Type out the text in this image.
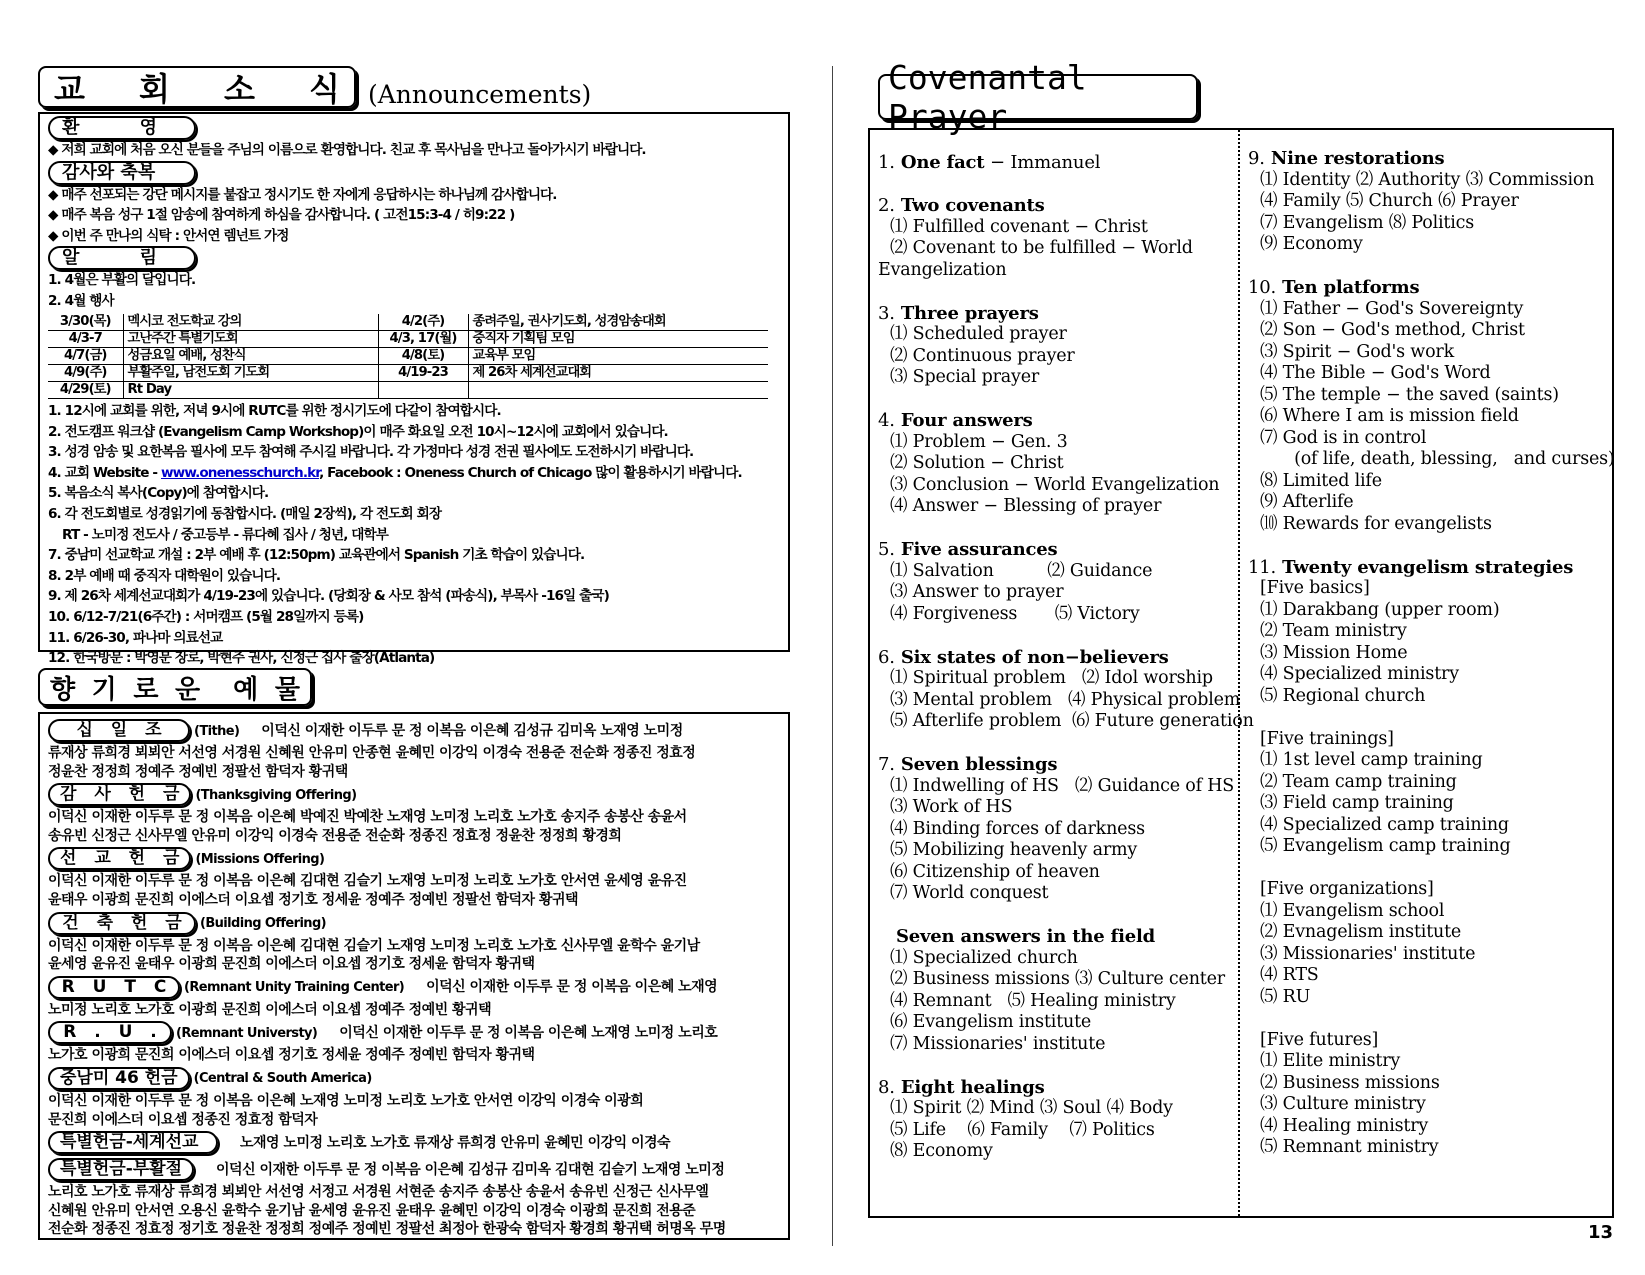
교 회 소 식 (Announcements)
환 영
◆ 저희 교회에 처음 오신 분들을 주님의 이름으로 환영합니다. 친교 후 목사님을 만나고 돌아가시기 바랍니다.
감사와 축복
◆ 매주 선포되는 강단 메시지를 붙잡고 정시기도 한 자에게 응답하시는 하나님께 감사합니다.
◆ 매주 복음 성구 1절 암송에 참여하게 하심을 감사합니다. ( 고전15:3-4 / 히9:22 )
◆ 이번 주 만나의 식탁 : 안서연 렘넌트 가정
알 림
1. 4월은 부활의 달입니다.
2. 4월 행사
3/30(목)	멕시코 전도학교 강의	4/2(주)	종려주일, 권사기도회, 성경암송대회
4/3-7	고난주간 특별기도회	4/3, 17(월)	중직자 기획팀 모임
4/7(금)	성금요일 예배, 성찬식	4/8(토)	교육부 모임
4/9(주)	부활주일, 남전도회 기도회	4/19-23	제 26차 세계선교대회
4/29(토)	Rt Day		
1. 12시에 교회를 위한, 저녁 9시에 RUTC를 위한 정시기도에 다같이 참여합시다.
2. 전도캠프 워크샵 (Evangelism Camp Workshop)이 매주 화요일 오전 10시~12시에 교회에서 있습니다.
3. 성경 암송 및 요한복음 필사에 모두 참여해 주시길 바랍니다. 각 가정마다 성경 전권 필사에도 도전하시기 바랍니다.
4. 교회 Website - www.onenesschurch.kr, Facebook : Oneness Church of Chicago 많이 활용하시기 바랍니다.
5. 복음소식 복사(Copy)에 참여합시다.
6. 각 전도회별로 성경읽기에 동참합시다. (매일 2장씩), 각 전도회 회장
RT - 노미정 전도사 / 중고등부 - 류다혜 집사 / 청년, 대학부
7. 중남미 선교학교 개설 : 2부 예배 후 (12:50pm) 교육관에서 Spanish 기초 학습이 있습니다.
8. 2부 예배 때 중직자 대학원이 있습니다.
9. 제 26차 세계선교대회가 4/19-23에 있습니다. (당회장 & 사모 참석 (파송식), 부목사 -16일 출국)
10. 6/12-7/21(6주간) : 서머캠프 (5월 28일까지 등록)
11. 6/26-30, 파나마 의료선교
12. 한국방문 : 박영문 장로, 박현주 권사, 신정근 집사 출장(Atlanta)
향 기 로 운 예 물
십 일 조 (Tithe) 이덕신 이재한 이두루 문 정 이복음 이은혜 김성규 김미옥 노재영 노미정
류재상 류희경 뵈뵈안 서선영 서경원 신혜원 안유미 안종현 윤혜민 이강익 이경숙 전용준 전순화 정종진 정효정
정윤찬 정정희 정예주 정예빈 정팔선 함덕자 황귀택
감 사 헌 금 (Thanksgiving Offering)
이덕신 이재한 이두루 문 정 이복음 이은혜 박예진 박예찬 노재영 노미정 노리호 노가호 송지주 송봉산 송윤서
송유빈 신정근 신사무엘 안유미 이강익 이경숙 전용준 전순화 정종진 정효정 정윤찬 정정희 황경희
선 교 헌 금 (Missions Offering)
이덕신 이재한 이두루 문 정 이복음 이은혜 김대현 김슬기 노재영 노미정 노리호 노가호 안서연 윤세영 윤유진
윤태우 이광희 문진희 이에스더 이요셉 정기호 정세윤 정예주 정예빈 정팔선 함덕자 황귀택
건 축 헌 금 (Building Offering)
이덕신 이재한 이두루 문 정 이복음 이은혜 김대현 김슬기 노재영 노미정 노리호 노가호 신사무엘 윤학수 윤기남
윤세영 윤유진 윤태우 이광희 문진희 이에스더 이요셉 정기호 정세윤 함덕자 황귀택
R U T C (Remnant Unity Training Center) 이덕신 이재한 이두루 문 정 이복음 이은혜 노재영
노미정 노리호 노가호 이광희 문진희 이에스더 이요셉 정예주 정예빈 황귀택
R . U . (Remnant Universty) 이덕신 이재한 이두루 문 정 이복음 이은혜 노재영 노미정 노리호
노가호 이광희 문진희 이에스더 이요셉 정기호 정세윤 정예주 정예빈 함덕자 황귀택
중남미 46 헌금 (Central & South America)
이덕신 이재한 이두루 문 정 이복음 이은혜 노재영 노미정 노리호 노가호 안서연 이강익 이경숙 이광희
문진희 이에스더 이요셉 정종진 정효정 함덕자
특별헌금-세계선교	노재영 노미정 노리호 노가호 류재상 류희경 안유미 윤혜민 이강익 이경숙
특별헌금-부활절 이덕신 이재한 이두루 문 정 이복음 이은혜 김성규 김미옥 김대현 김슬기 노재영 노미정
노리호 노가호 류재상 류희경 뵈뵈안 서선영 서정고 서경원 서현준 송지주 송봉산 송윤서 송유빈 신정근 신사무엘
신혜원 안유미 안서연 오용신 윤학수 윤기남 윤세영 윤유진 윤태우 윤혜민 이강익 이경숙 이광희 문진희 전용준
전순화 정종진 정효정 정기호 정윤찬 정정희 정예주 정예빈 정팔선 최정아 한광숙 함덕자 황경희 황귀택 허명옥 무명
Covenantal Prayer
1. One fact − Immanuel
2. Two covenants
⑴ Fulfilled covenant − Christ
⑵ Covenant to be fulfilled − World
Evangelization
3. Three prayers
⑴ Scheduled prayer
⑵ Continuous prayer
⑶ Special prayer
4. Four answers
⑴ Problem − Gen. 3
⑵ Solution − Christ
⑶ Conclusion − World Evangelization
⑷ Answer − Blessing of prayer
5. Five assurances
⑴ Salvation          ⑵ Guidance
⑶ Answer to prayer
⑷ Forgiveness       ⑸ Victory
6. Six states of non−believers
⑴ Spiritual problem   ⑵ Idol worship
⑶ Mental problem   ⑷ Physical problem
⑸ Afterlife problem  ⑹ Future generation
7. Seven blessings
⑴ Indwelling of HS   ⑵ Guidance of HS
⑶ Work of HS
⑷ Binding forces of darkness
⑸ Mobilizing heavenly army
⑹ Citizenship of heaven
⑺ World conquest
Seven answers in the field
⑴ Specialized church
⑵ Business missions ⑶ Culture center
⑷ Remnant   ⑸ Healing ministry
⑹ Evangelism institute
⑺ Missionaries' institute
8. Eight healings
⑴ Spirit ⑵ Mind ⑶ Soul ⑷ Body
⑸ Life    ⑹ Family    ⑺ Politics
⑻ Economy
9. Nine restorations
⑴ Identity ⑵ Authority ⑶ Commission
⑷ Family ⑸ Church ⑹ Prayer
⑺ Evangelism ⑻ Politics
⑼ Economy
10. Ten platforms
⑴ Father − God's Sovereignty
⑵ Son − God's method, Christ
⑶ Spirit − God's work
⑷ The Bible − God's Word
⑸ The temple − the saved (saints)
⑹ Where I am is mission field
⑺ God is in control
(of life, death, blessing,   and curses)
⑻ Limited life
⑼ Afterlife
⑽ Rewards for evangelists
11. Twenty evangelism strategies
[Five basics]
⑴ Darakbang (upper room)
⑵ Team ministry
⑶ Mission Home
⑷ Specialized ministry
⑸ Regional church
[Five trainings]
⑴ 1st level camp training
⑵ Team camp training
⑶ Field camp training
⑷ Specialized camp training
⑸ Evangelism camp training
[Five organizations]
⑴ Evangelism school
⑵ Evnagelism institute
⑶ Missionaries' institute
⑷ RTS
⑸ RU
[Five futures]
⑴ Elite ministry
⑵ Business missions
⑶ Culture ministry
⑷ Healing ministry
⑸ Remnant ministry
13
